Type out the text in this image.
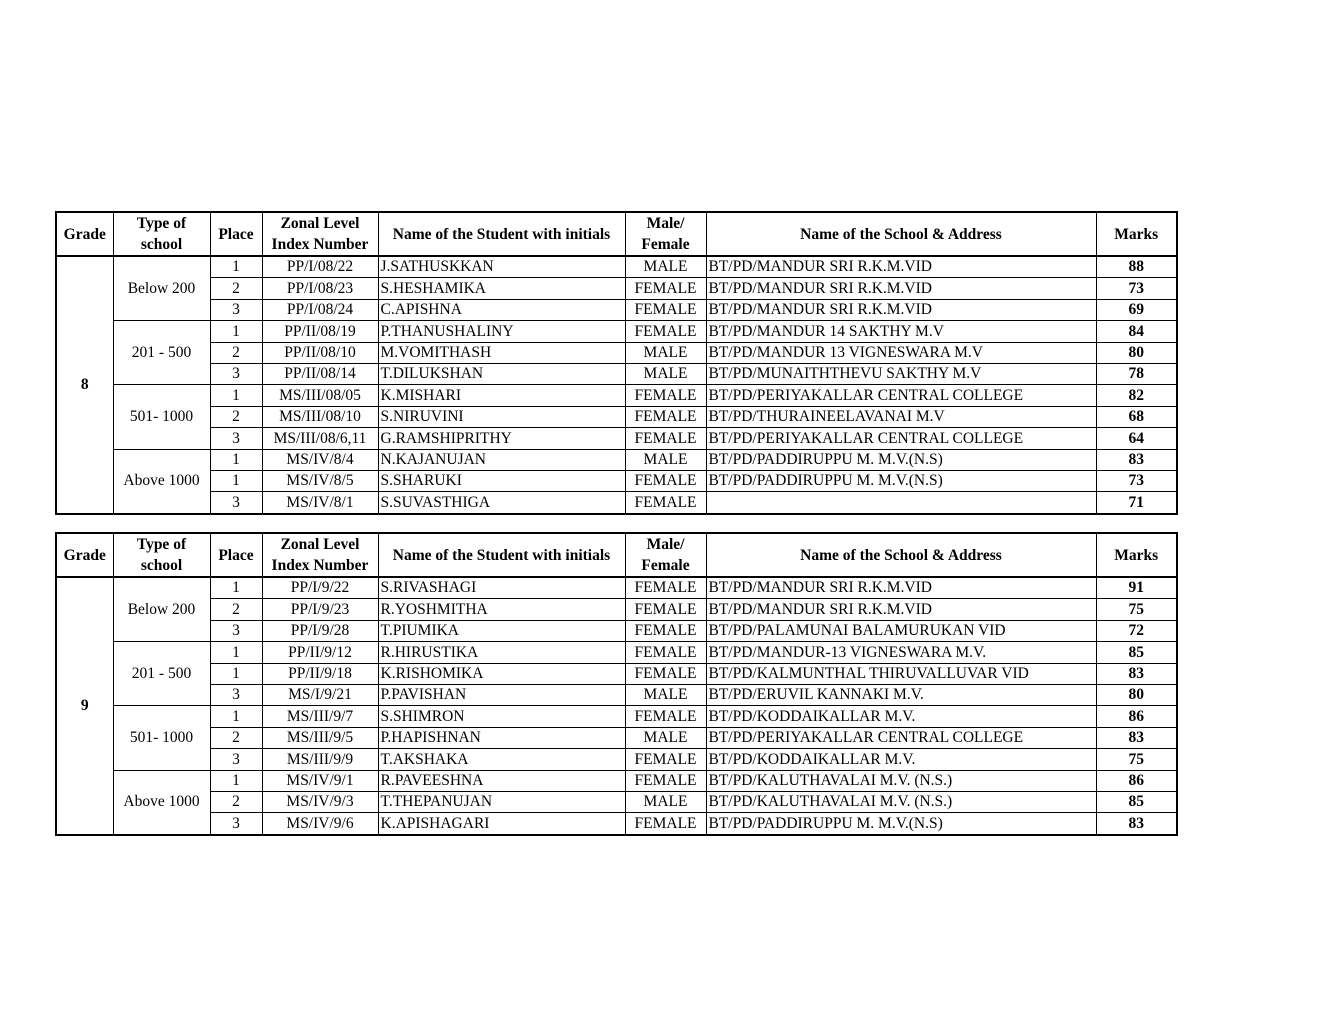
Grade	Type of school	Place	Zonal Level Index Number	Name of the Student with initials	Male/ Female	Name of the School & Address	Marks
8	Below 200	1	PP/I/08/22	J.SATHUSKKAN	MALE	BT/PD/MANDUR SRI R.K.M.VID	88
		2	PP/I/08/23	S.HESHAMIKA	FEMALE	BT/PD/MANDUR SRI R.K.M.VID	73
		3	PP/I/08/24	C.APISHNA	FEMALE	BT/PD/MANDUR SRI R.K.M.VID	69
	201 - 500	1	PP/II/08/19	P.THANUSHALINY	FEMALE	BT/PD/MANDUR 14 SAKTHY M.V	84
		2	PP/II/08/10	M.VOMITHASH	MALE	BT/PD/MANDUR 13 VIGNESWARA M.V	80
		3	PP/II/08/14	T.DILUKSHAN	MALE	BT/PD/MUNAITHTHEVU SAKTHY M.V	78
	501- 1000	1	MS/III/08/05	K.MISHARI	FEMALE	BT/PD/PERIYAKALLAR CENTRAL COLLEGE	82
		2	MS/III/08/10	S.NIRUVINI	FEMALE	BT/PD/THURAINEELAVANAI M.V	68
		3	MS/III/08/6,11	G.RAMSHIPRITHY	FEMALE	BT/PD/PERIYAKALLAR CENTRAL COLLEGE	64
	Above 1000	1	MS/IV/8/4	N.KAJANUJAN	MALE	BT/PD/PADDIRUPPU M. M.V.(N.S)	83
		1	MS/IV/8/5	S.SHARUKI	FEMALE	BT/PD/PADDIRUPPU M. M.V.(N.S)	73
		3	MS/IV/8/1	S.SUVASTHIGA	FEMALE		71
Grade	Type of school	Place	Zonal Level Index Number	Name of the Student with initials	Male/ Female	Name of the School & Address	Marks
9	Below 200	1	PP/I/9/22	S.RIVASHAGI	FEMALE	BT/PD/MANDUR SRI R.K.M.VID	91
		2	PP/I/9/23	R.YOSHMITHA	FEMALE	BT/PD/MANDUR SRI R.K.M.VID	75
		3	PP/I/9/28	T.PIUMIKA	FEMALE	BT/PD/PALAMUNAI BALAMURUKAN VID	72
	201 - 500	1	PP/II/9/12	R.HIRUSTIKA	FEMALE	BT/PD/MANDUR-13 VIGNESWARA M.V.	85
		1	PP/II/9/18	K.RISHOMIKA	FEMALE	BT/PD/KALMUNTHAL THIRUVALLUVAR VID	83
		3	MS/I/9/21	P.PAVISHAN	MALE	BT/PD/ERUVIL KANNAKI M.V.	80
	501- 1000	1	MS/III/9/7	S.SHIMRON	FEMALE	BT/PD/KODDAIKALLAR M.V.	86
		2	MS/III/9/5	P.HAPISHNAN	MALE	BT/PD/PERIYAKALLAR CENTRAL COLLEGE	83
		3	MS/III/9/9	T.AKSHAKA	FEMALE	BT/PD/KODDAIKALLAR M.V.	75
	Above 1000	1	MS/IV/9/1	R.PAVEESHNA	FEMALE	BT/PD/KALUTHAVALAI M.V. (N.S.)	86
		2	MS/IV/9/3	T.THEPANUJAN	MALE	BT/PD/KALUTHAVALAI M.V. (N.S.)	85
		3	MS/IV/9/6	K.APISHAGARI	FEMALE	BT/PD/PADDIRUPPU M. M.V.(N.S)	83
